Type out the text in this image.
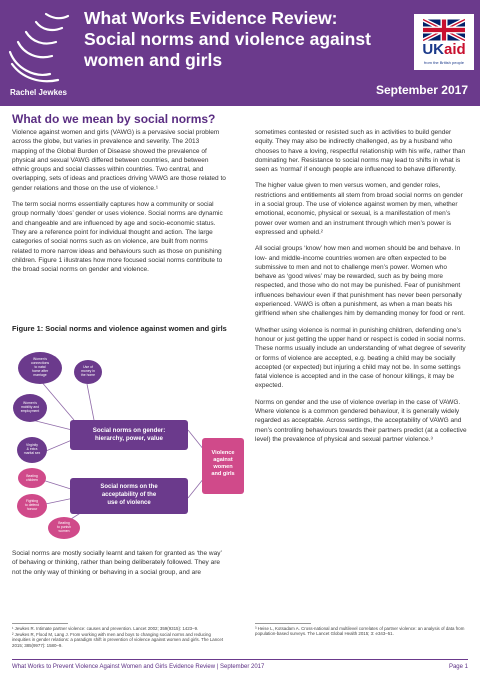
What Works Evidence Review:
Social norms and violence against
women and girls
UKaid
from the British people
Rachel Jewkes	September 2017
What do we mean by social norms?

Violence against women and girls (VAWG) is a pervasive social problem across the globe, but varies in prevalence and severity. The 2013 mapping of the Global Burden of Disease showed the prevalence of physical and sexual VAWG differed between countries, and between ethnic groups and social classes within countries. Two central, and overlapping, sets of ideas and practices driving VAWG are those related to gender relations and those on the use of violence.¹

The term social norms essentially captures how a community or social group normally ‘does’ gender or uses violence. Social norms are dynamic and changeable and are influenced by age and socio-economic status. They are a reference point for individual thought and action. The large categories of social norms such as on violence, are built from norms related to more narrow ideas and behaviours such as those on punishing children. Figure 1 illustrates how more focused social norms contribute to the broad social norms on gender and violence.

Figure 1: Social norms and violence against women and girls
Women's connections to natal home after marriage
Use of money in the home
Women's mobility and employment
Virginity & extra marital sex
Beating children
Fighting to defend honour
Beating to punish women
Social norms on gender: hierarchy, power, value
Social norms on the acceptability of the use of violence
Violence against women and girls
Social norms are mostly socially learnt and taken for granted as ‘the way’ of behaving or thinking, rather than being deliberately followed. They are not the only way of thinking or behaving in a social group, and are

sometimes contested or resisted such as in activities to build gender equity. They may also be indirectly challenged, as by a husband who chooses to have a loving, respectful relationship with his wife, rather than dominating her. Resistance to social norms may lead to shifts in what is seen as ‘normal’ if enough people are influenced to behave differently.

The higher value given to men versus women, and gender roles, restrictions and entitlements all stem from broad social norms on gender in a social group. The use of violence against women by men, whether emotional, economic, physical or sexual, is a manifestation of men’s power over women and an instrument through which men’s power is expressed and upheld.²

All social groups ‘know’ how men and women should be and behave. In low- and middle-income countries women are often expected to be submissive to men and not to challenge men’s power. Women who behave as ‘good wives’ may be rewarded, such as by being more respected, and those who do not may be punished. Fear of punishment influences behaviour even if that punishment has never been personally experienced. VAWG is often a punishment, as when a man beats his girlfriend when she challenges him by demanding money for food or rent.

Whether using violence is normal in punishing children, defending one’s honour or just getting the upper hand or respect is coded in social norms. These norms usually include an understanding of what degree of severity or forms of violence are accepted, e.g. beating a child may be socially accepted (or expected) but injuring a child may not be. In some settings fatal violence is accepted and in the case of honour killings, it may be expected.

Norms on gender and the use of violence overlap in the case of VAWG. Where violence is a common gendered behaviour, it is generally widely regarded as acceptable. Across settings, the acceptability of VAWG and men’s controlling behaviours towards their partners predict (at a collective level) the prevalence of physical and sexual partner violence.³

¹ Jewkes R. Intimate partner violence: causes and prevention. Lancet 2002; 359(9315): 1423–9.
² Jewkes R, Flood M, Lang J. From working with men and boys to changing social norms and reducing inequities in gender relations: a paradigm shift in prevention of violence against women and girls. The Lancet 2015; 385(9977): 1580–9.
³ Heise L, Kotsadam A. Cross-national and multilevel correlates of partner violence: an analysis of data from population-based surveys. The Lancet Global Health 2015; 3: e343–51.
What Works to Prevent Violence Against Women and Girls Evidence Review | September 2017	Page 1
